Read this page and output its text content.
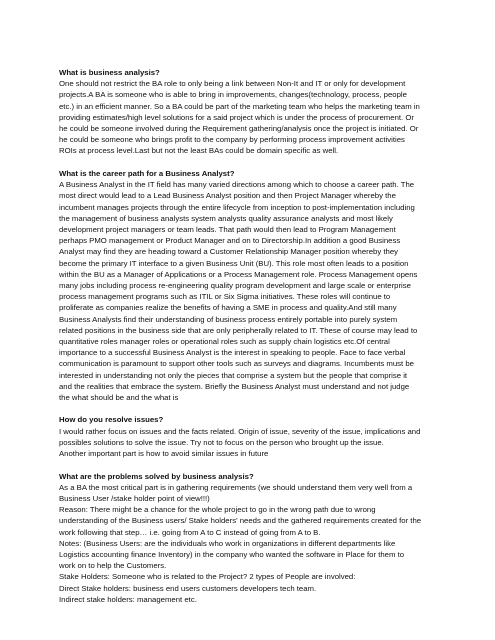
What is business analysis?
One should not restrict the BA role to only being a link between Non-It and IT or only for development
projects.A BA is someone who is able to bring in improvements, changes(technology, process, people
etc.) in an efficient manner. So a BA could be part of the marketing team who helps the marketing team in
providing estimates/high level solutions for a said project which is under the process of procurement. Or
he could be someone involved during the Requirement gathering/analysis once the project is initiated. Or
he could be someone who brings profit to the company by performing process improvement activities
ROIs at process level.Last but not the least BAs could be domain specific as well.
What is the career path for a Business Analyst?
A Business Analyst in the IT field has many varied directions among which to choose a career path. The
most direct would lead to a Lead Business Analyst position and then Project Manager whereby the
incumbent manages projects through the entire lifecycle from inception to post-implementation including
the management of business analysts system analysts quality assurance analysts and most likely
development project managers or team leads. That path would then lead to Program Management
perhaps PMO management or Product Manager and on to Directorship.In addition a good Business
Analyst may find they are heading toward a Customer Relationship Manager position whereby they
become the primary IT interface to a given Business Unit (BU). This role most often leads to a position
within the BU as a Manager of Applications or a Process Management role. Process Management opens
many jobs including process re-engineering quality program development and large scale or enterprise
process management programs such as ITIL or Six Sigma initiatives. These roles will continue to
proliferate as companies realize the benefits of having a SME in process and quality.And still many
Business Analysts find their understanding of business process entirely portable into purely system
related positions in the business side that are only peripherally related to IT. These of course may lead to
quantitative roles manager roles or operational roles such as supply chain logistics etc.Of central
importance to a successful Business Analyst is the interest in speaking to people. Face to face verbal
communication is paramount to support other tools such as surveys and diagrams. Incumbents must be
interested in understanding not only the pieces that comprise a system but the people that comprise it
and the realities that embrace the system. Briefly the Business Analyst must understand and not judge
the what should be and the what is
How do you resolve issues?
I would rather focus on issues and the facts related. Origin of issue, severity of the issue, implications and
possibles solutions to solve the issue. Try not to focus on the person who brought up the issue.
Another important part is how to avoid similar issues in future
What are the problems solved by business analysis?
As a BA the most critical part is in gathering requirements (we should understand them very well from a
Business User /stake holder point of view!!!)
Reason: There might be a chance for the whole project to go in the wrong path due to wrong
understanding of the Business users/ Stake holders' needs and the gathered requirements created for the
work following that step… i.e. going from A to C instead of going from A to B.
Notes: (Business Users: are the individuals who work in organizations in different departments like
Logistics accounting finance Inventory) in the company who wanted the software in Place for them to
work on to help the Customers.
Stake Holders: Someone who is related to the Project? 2 types of People are involved:
Direct Stake holders: business end users customers developers tech team.
Indirect stake holders: management etc.
